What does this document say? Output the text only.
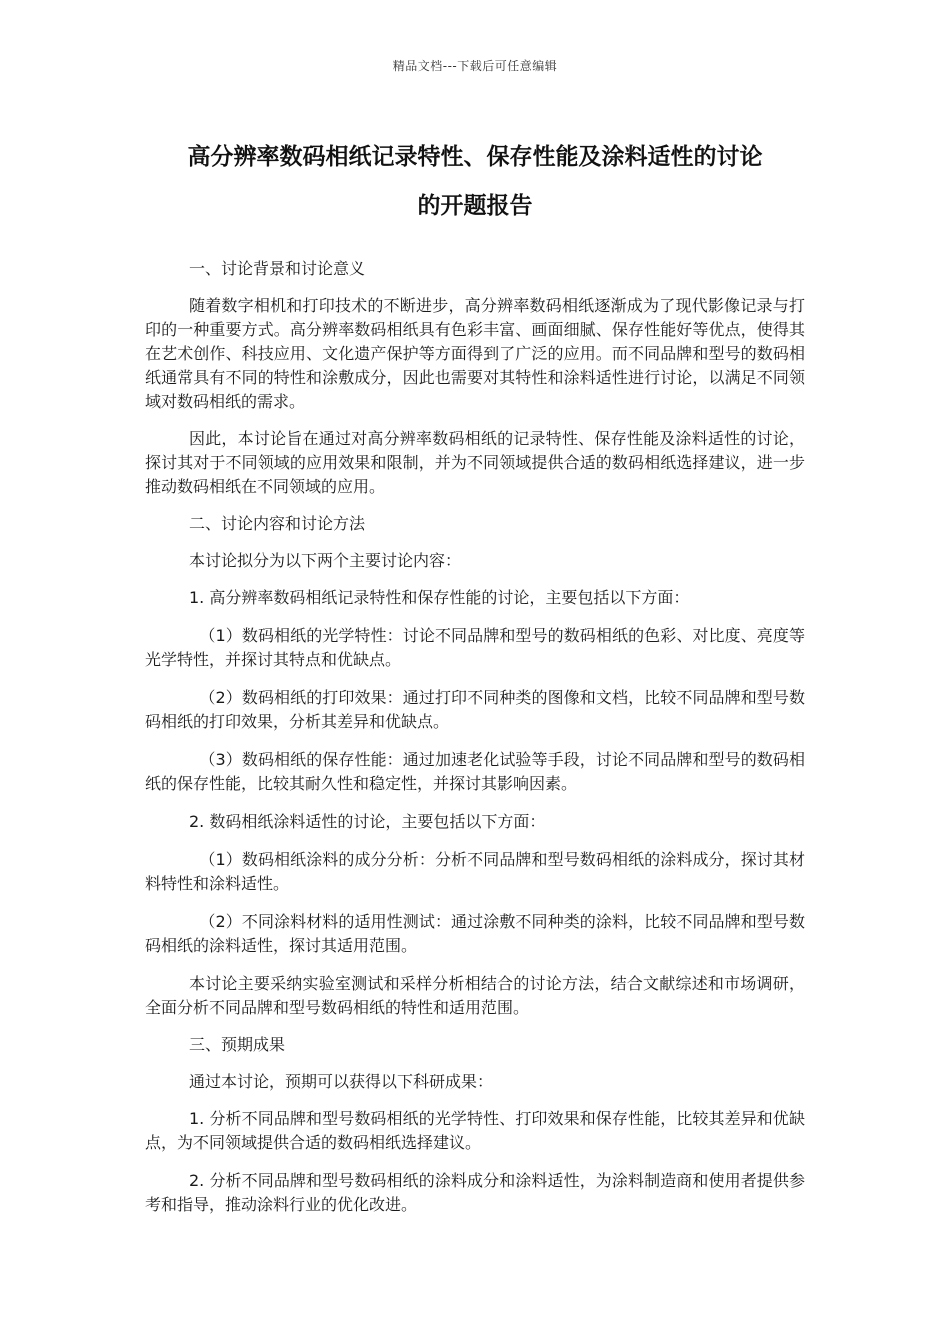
精品文档---下载后可任意编辑
高分辨率数码相纸记录特性、保存性能及涂料适性的讨论
的开题报告

一、讨论背景和讨论意义

随着数字相机和打印技术的不断进步，高分辨率数码相纸逐渐成为了现代影像记录与打印的一种重要方式。高分辨率数码相纸具有色彩丰富、画面细腻、保存性能好等优点，使得其在艺术创作、科技应用、文化遗产保护等方面得到了广泛的应用。而不同品牌和型号的数码相纸通常具有不同的特性和涂敷成分，因此也需要对其特性和涂料适性进行讨论，以满足不同领域对数码相纸的需求。

因此，本讨论旨在通过对高分辨率数码相纸的记录特性、保存性能及涂料适性的讨论，探讨其对于不同领域的应用效果和限制，并为不同领域提供合适的数码相纸选择建议，进一步推动数码相纸在不同领域的应用。

二、讨论内容和讨论方法

本讨论拟分为以下两个主要讨论内容：

1. 高分辨率数码相纸记录特性和保存性能的讨论，主要包括以下方面：

（1）数码相纸的光学特性：讨论不同品牌和型号的数码相纸的色彩、对比度、亮度等光学特性，并探讨其特点和优缺点。

（2）数码相纸的打印效果：通过打印不同种类的图像和文档，比较不同品牌和型号数码相纸的打印效果，分析其差异和优缺点。

（3）数码相纸的保存性能：通过加速老化试验等手段，讨论不同品牌和型号的数码相纸的保存性能，比较其耐久性和稳定性，并探讨其影响因素。

2. 数码相纸涂料适性的讨论，主要包括以下方面：

（1）数码相纸涂料的成分分析：分析不同品牌和型号数码相纸的涂料成分，探讨其材料特性和涂料适性。

（2）不同涂料材料的适用性测试：通过涂敷不同种类的涂料，比较不同品牌和型号数码相纸的涂料适性，探讨其适用范围。

本讨论主要采纳实验室测试和采样分析相结合的讨论方法，结合文献综述和市场调研，全面分析不同品牌和型号数码相纸的特性和适用范围。

三、预期成果

通过本讨论，预期可以获得以下科研成果：

1. 分析不同品牌和型号数码相纸的光学特性、打印效果和保存性能，比较其差异和优缺点，为不同领域提供合适的数码相纸选择建议。

2. 分析不同品牌和型号数码相纸的涂料成分和涂料适性，为涂料制造商和使用者提供参考和指导，推动涂料行业的优化改进。
